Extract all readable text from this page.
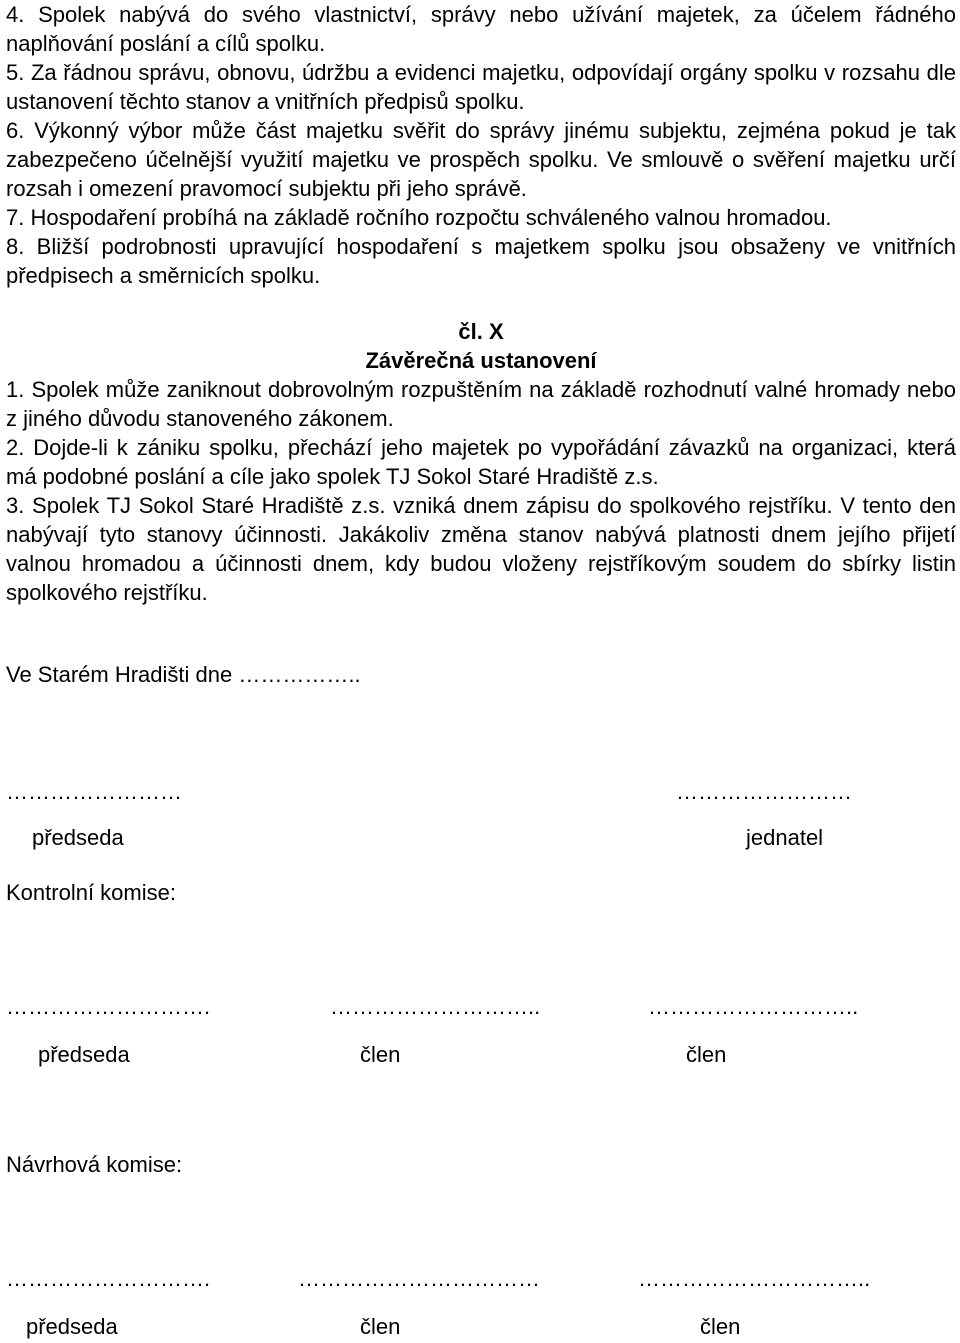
4. Spolek nabývá do svého vlastnictví, správy nebo užívání majetek, za účelem řádného naplňování poslání a cílů spolku.

5. Za řádnou správu, obnovu, údržbu a evidenci majetku, odpovídají orgány spolku v rozsahu dle ustanovení těchto stanov a vnitřních předpisů spolku.

6. Výkonný výbor může část majetku svěřit do správy jinému subjektu, zejména pokud je tak zabezpečeno účelnější využití majetku ve prospěch spolku. Ve smlouvě o svěření majetku určí rozsah i omezení pravomocí subjektu při jeho správě.

7. Hospodaření probíhá na základě ročního rozpočtu schváleného valnou hromadou.

8. Bližší podrobnosti upravující hospodaření s majetkem spolku jsou obsaženy ve vnitřních předpisech a směrnicích spolku.

čl. X

Závěrečná ustanovení

1. Spolek může zaniknout dobrovolným rozpuštěním na základě rozhodnutí valné hromady nebo z jiného důvodu stanoveného zákonem.

2. Dojde-li k zániku spolku, přechází jeho majetek po vypořádání závazků na organizaci, která má podobné poslání a cíle jako spolek TJ Sokol Staré Hradiště z.s.

3. Spolek TJ Sokol Staré Hradiště z.s. vzniká dnem zápisu do spolkového rejstříku. V tento den nabývají tyto stanovy účinnosti. Jakákoliv změna stanov nabývá platnosti dnem jejího přijetí valnou hromadou a účinnosti dnem, kdy budou vloženy rejstříkovým soudem do sbírky listin spolkového rejstříku.

Ve Starém Hradišti dne ……………..
……………………	……………………
předseda	jednatel
Kontrolní komise:
……………………….	………………………..	………………………..
předseda	člen	člen
Návrhová komise:
……………………….	……………………………	…………………………..
předseda	člen	člen
